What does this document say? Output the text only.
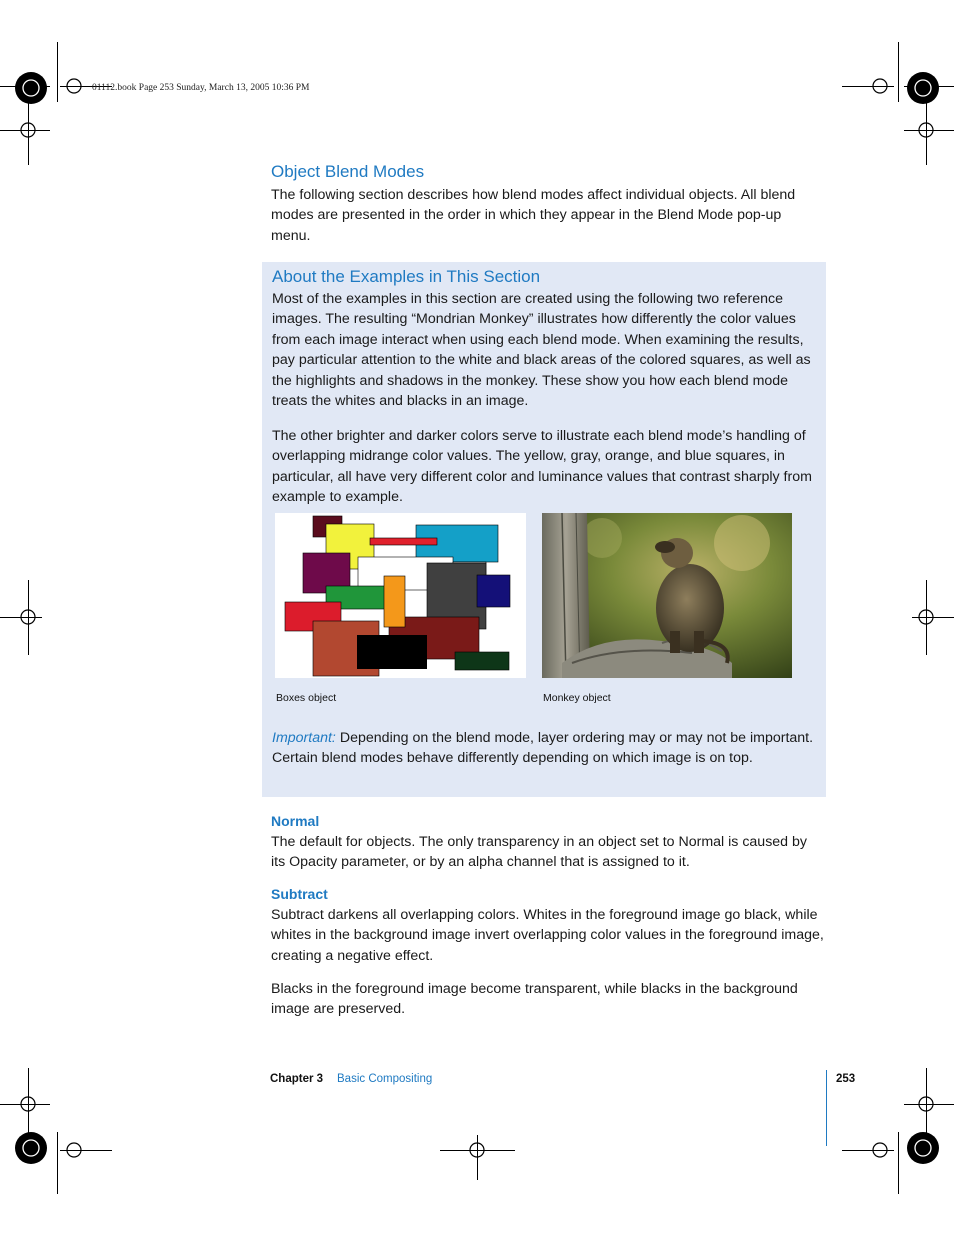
01112.book Page 253 Sunday, March 13, 2005 10:36 PM
Object Blend Modes
The following section describes how blend modes affect individual objects. All blend modes are presented in the order in which they appear in the Blend Mode pop-up menu.
About the Examples in This Section
Most of the examples in this section are created using the following two reference images. The resulting “Mondrian Monkey” illustrates how differently the color values from each image interact when using each blend mode. When examining the results, pay particular attention to the white and black areas of the colored squares, as well as the highlights and shadows in the monkey. These show you how each blend mode treats the whites and blacks in an image.
The other brighter and darker colors serve to illustrate each blend mode’s handling of overlapping midrange color values. The yellow, gray, orange, and blue squares, in particular, all have very different color and luminance values that contrast sharply from example to example.
Boxes object	Monkey object
Important: Depending on the blend mode, layer ordering may or may not be important. Certain blend modes behave differently depending on which image is on top.
Normal
The default for objects. The only transparency in an object set to Normal is caused by its Opacity parameter, or by an alpha channel that is assigned to it.
Subtract
Subtract darkens all overlapping colors. Whites in the foreground image go black, while whites in the background image invert overlapping color values in the foreground image, creating a negative effect.
Blacks in the foreground image become transparent, while blacks in the background image are preserved.
Chapter 3 Basic Compositing	253
